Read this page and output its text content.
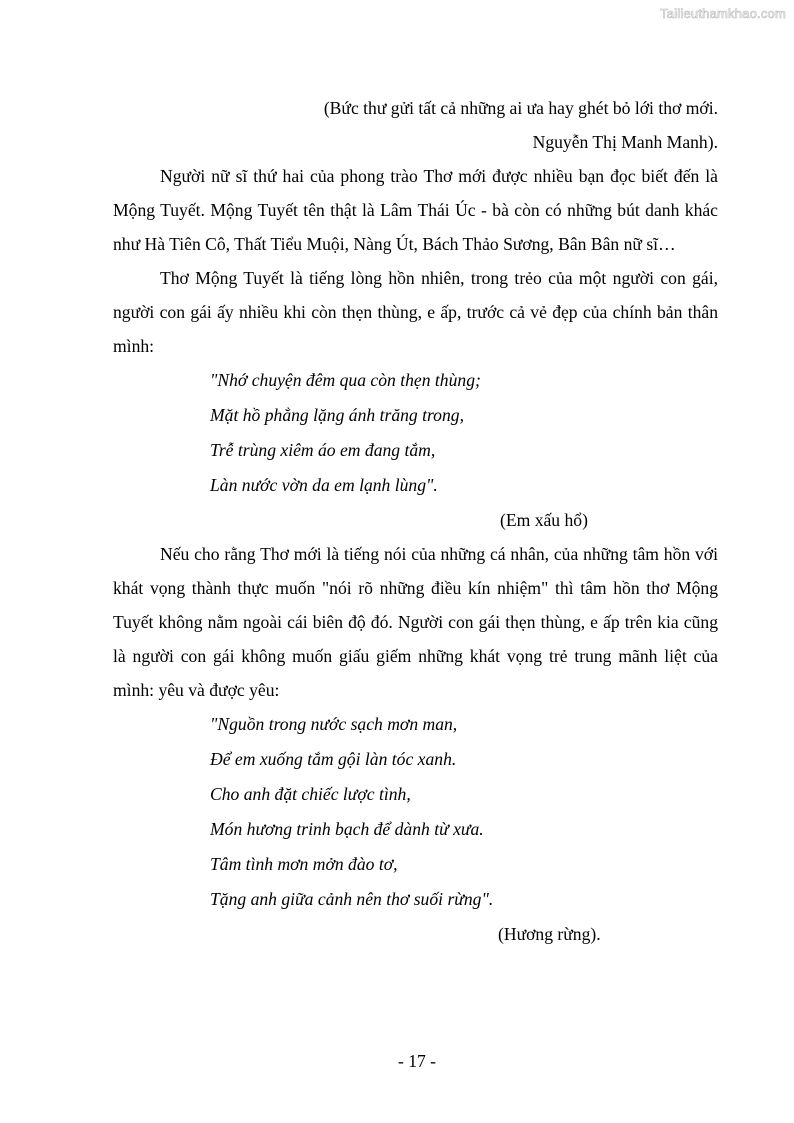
Tailieuthamkhao.com

(Bức thư gửi tất cả những ai ưa hay ghét bỏ lới thơ mới.

Nguyễn Thị Manh Manh).

Người nữ sĩ thứ hai của phong trào Thơ mới được nhiều bạn đọc biết đến là Mộng Tuyết. Mộng Tuyết tên thật là Lâm Thái Úc - bà còn có những bút danh khác như Hà Tiên Cô, Thất Tiểu Muội, Nàng Út, Bách Thảo Sương, Bân Bân nữ sĩ…

Thơ Mộng Tuyết là tiếng lòng hồn nhiên, trong trẻo của một người con gái, người con gái ấy nhiều khi còn thẹn thùng, e ấp, trước cả vẻ đẹp của chính bản thân mình:

"Nhớ chuyện đêm qua còn thẹn thùng;

Mặt hồ phẳng lặng ánh trăng trong,

Trễ trùng xiêm áo em đang tắm,

Làn nước vờn da em lạnh lùng".

(Em xấu hổ)

Nếu cho rằng Thơ mới là tiếng nói của những cá nhân, của những tâm hồn với khát vọng thành thực muốn "nói rõ những điều kín nhiệm" thì tâm hồn thơ Mộng Tuyết không nằm ngoài cái biên độ đó. Người con gái thẹn thùng, e ấp trên kia cũng là người con gái không muốn giấu giếm những khát vọng trẻ trung mãnh liệt của mình: yêu và được yêu:

"Nguồn trong nước sạch mơn man,

Để em xuống tắm gội làn tóc xanh.

Cho anh đặt chiếc lược tình,

Món hương trinh bạch để dành từ xưa.

Tâm tình mơn mởn đào tơ,

Tặng anh giữa cảnh nên thơ suối rừng".

(Hương rừng).

- 17 -
